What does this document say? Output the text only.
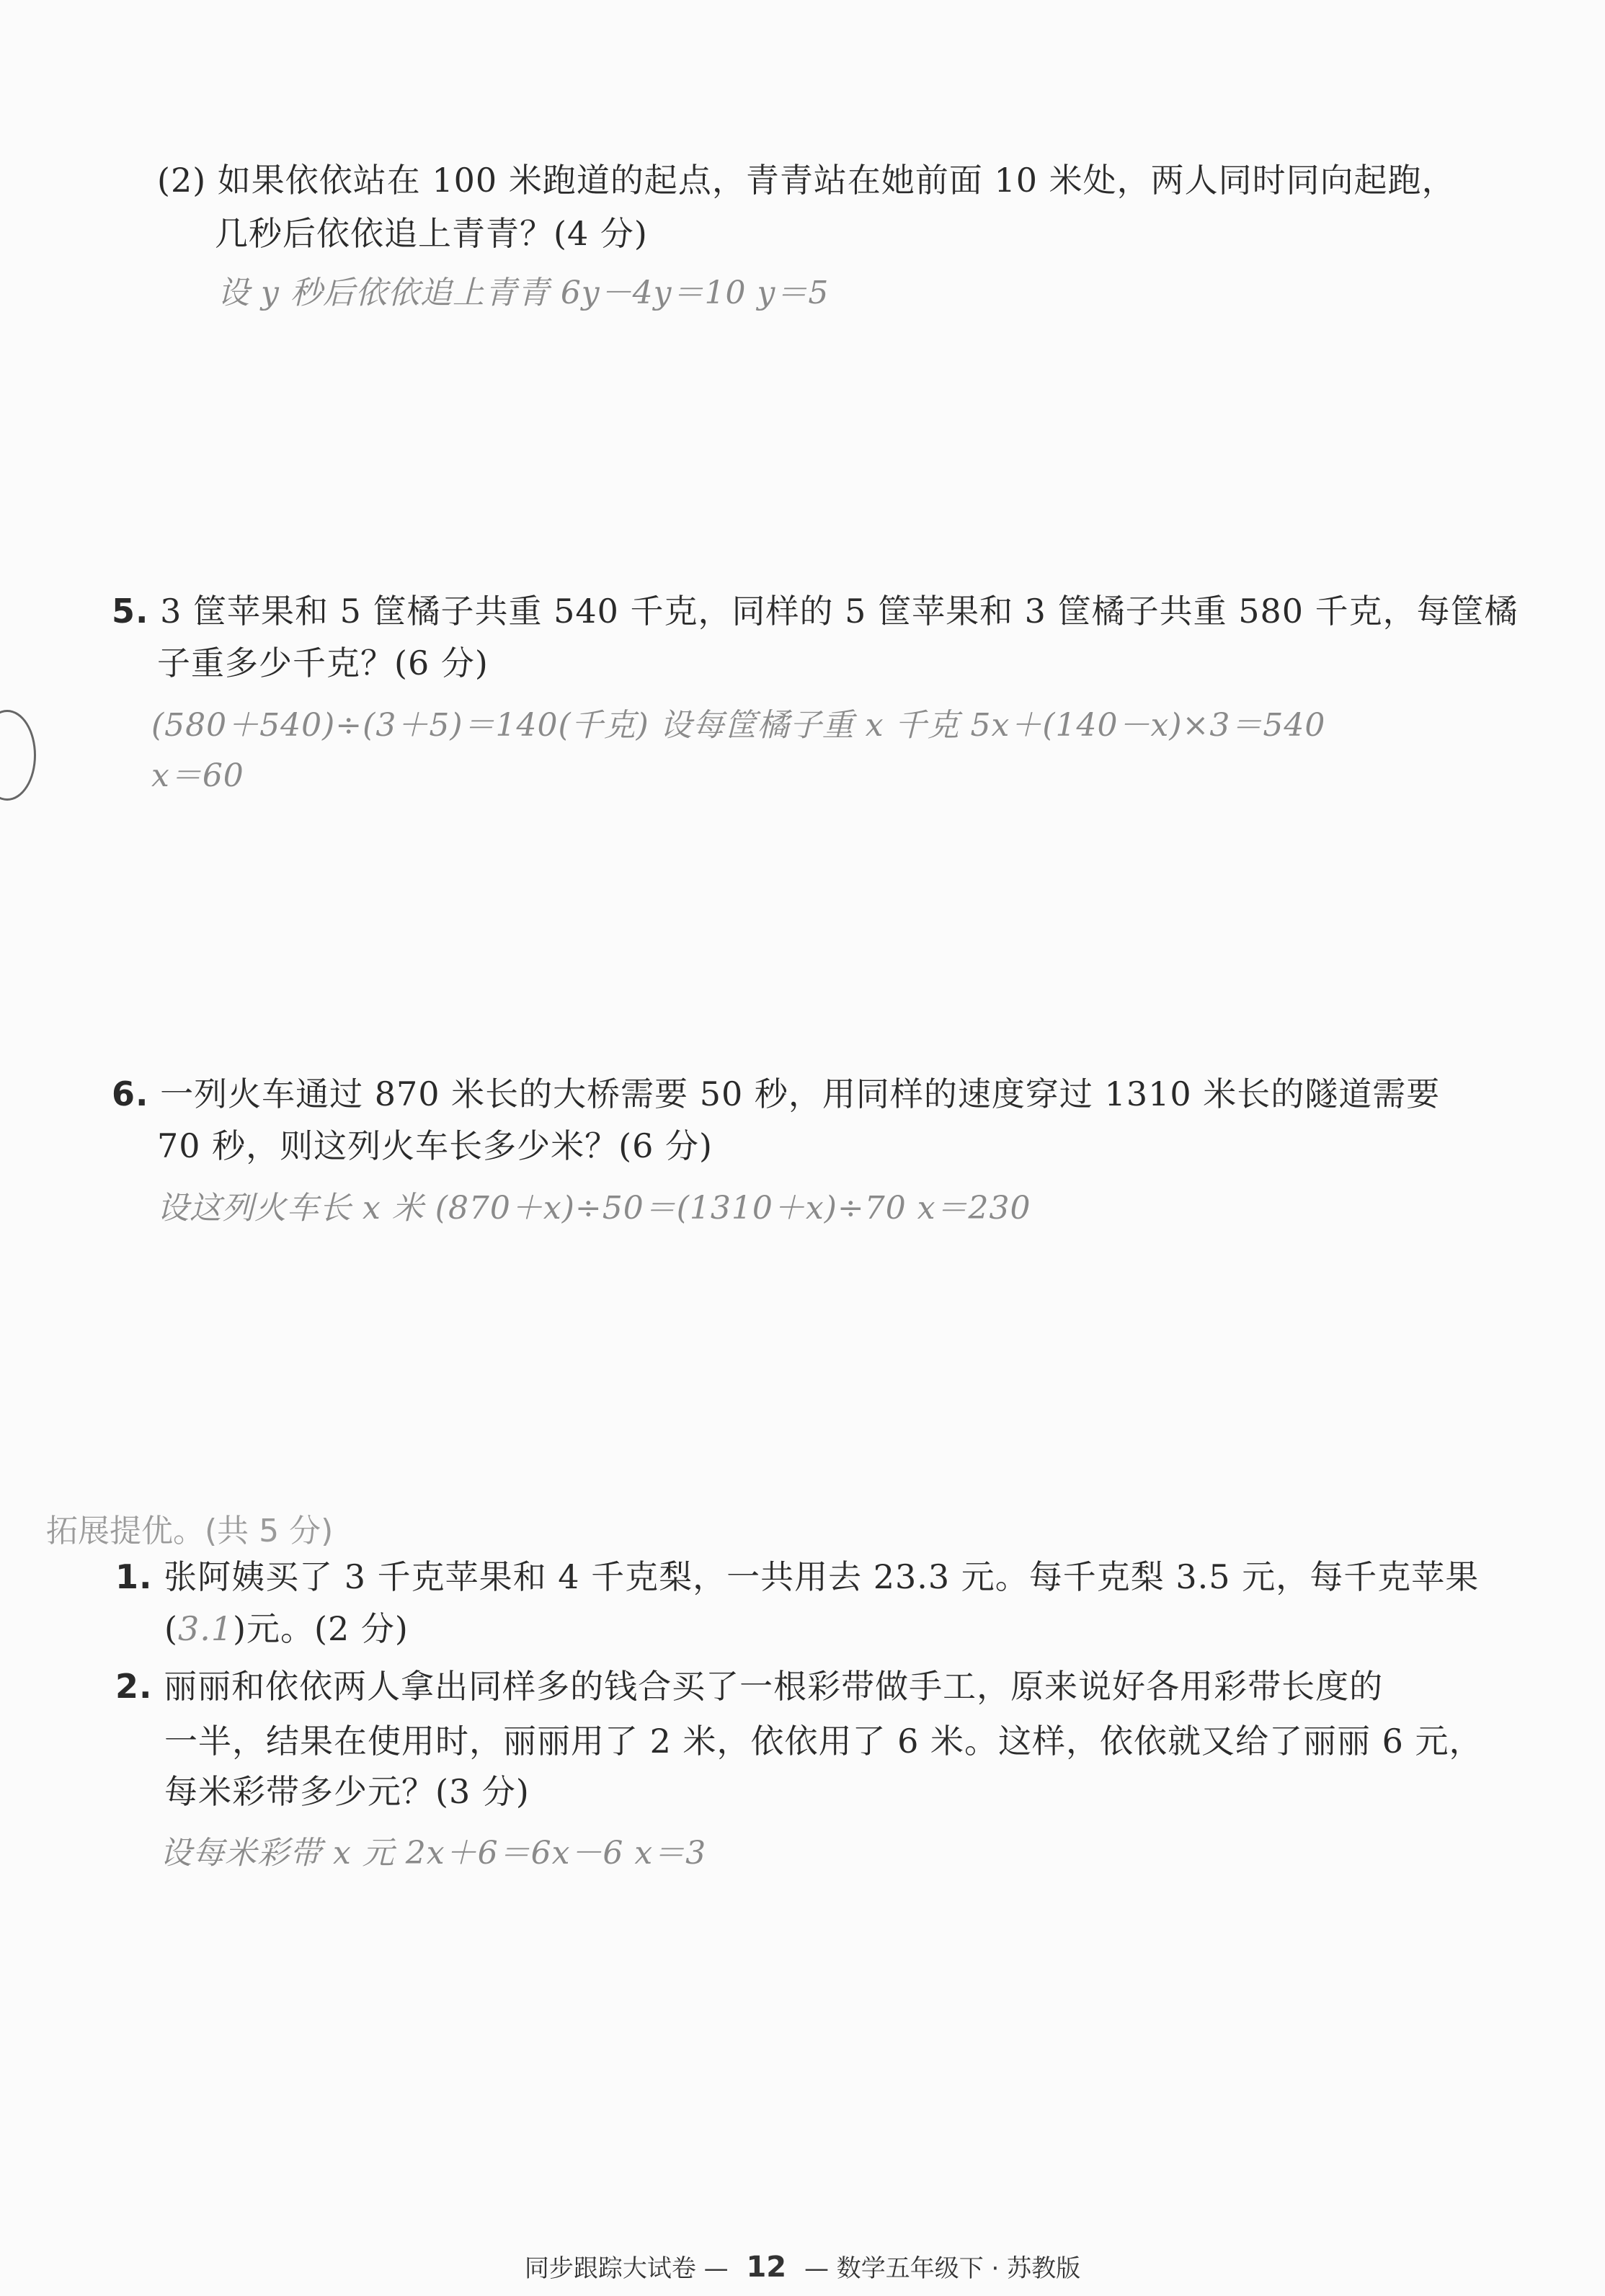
(2) 如果依依站在 100 米跑道的起点，青青站在她前面 10 米处，两人同时同向起跑，
几秒后依依追上青青？(4 分)
设 y 秒后依依追上青青 6y－4y＝10 y＝5
5. 3 筐苹果和 5 筐橘子共重 540 千克，同样的 5 筐苹果和 3 筐橘子共重 580 千克，每筐橘
子重多少千克？(6 分)
(580＋540)÷(3＋5)＝140(千克) 设每筐橘子重 x 千克 5x＋(140－x)×3＝540
x＝60
6. 一列火车通过 870 米长的大桥需要 50 秒，用同样的速度穿过 1310 米长的隧道需要
70 秒，则这列火车长多少米？(6 分)
设这列火车长 x 米 (870＋x)÷50＝(1310＋x)÷70 x＝230
拓展提优。(共 5 分)
1. 张阿姨买了 3 千克苹果和 4 千克梨，一共用去 23.3 元。每千克梨 3.5 元，每千克苹果
(3.1)元。(2 分)
2. 丽丽和依依两人拿出同样多的钱合买了一根彩带做手工，原来说好各用彩带长度的
一半，结果在使用时，丽丽用了 2 米，依依用了 6 米。这样，依依就又给了丽丽 6 元，
每米彩带多少元？(3 分)
设每米彩带 x 元 2x＋6＝6x－6 x＝3
同步跟踪大试卷 — 12 — 数学五年级下 · 苏教版
